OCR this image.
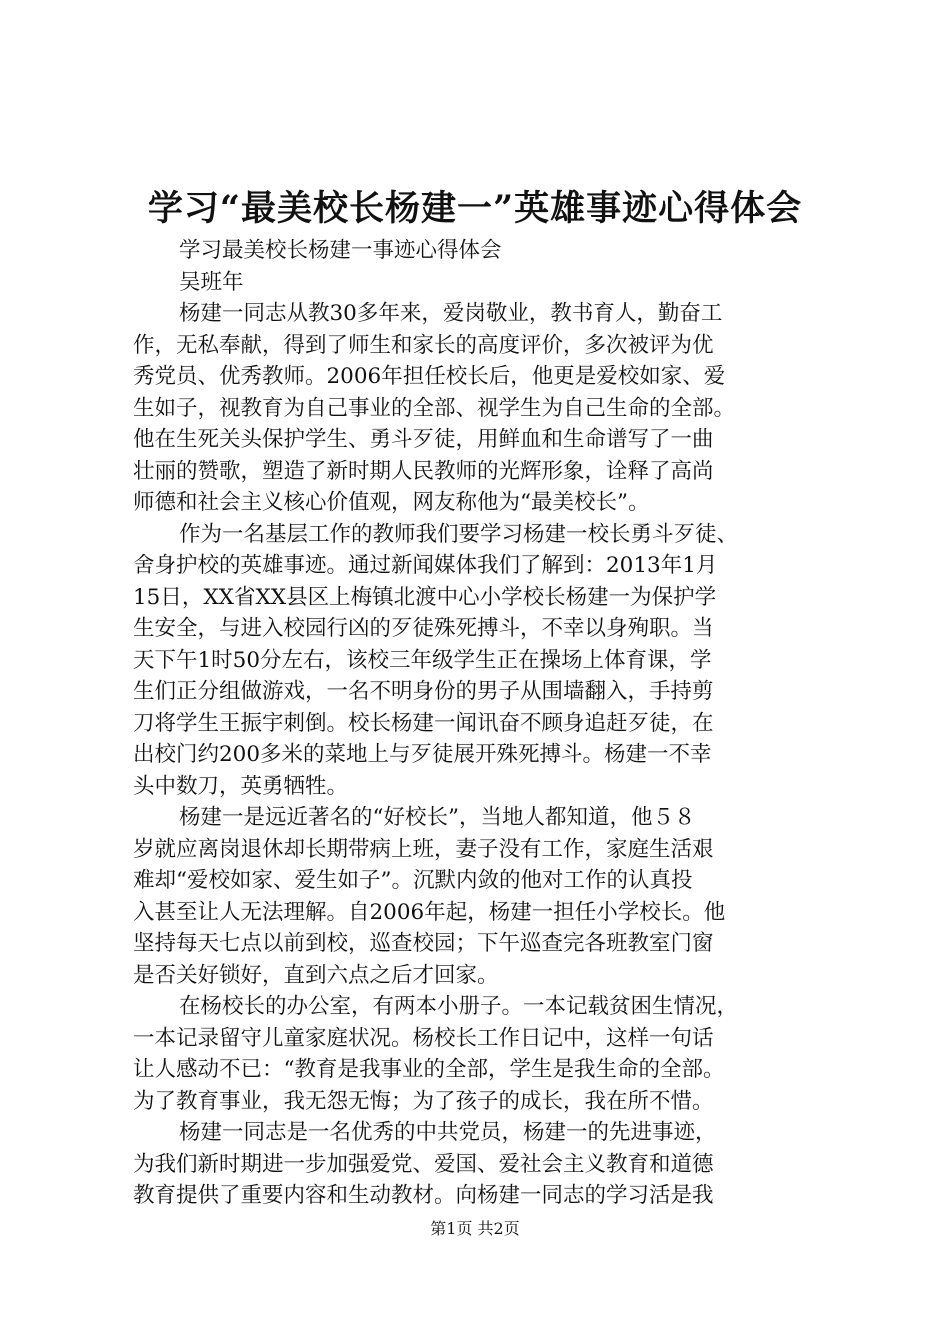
学习“最美校长杨建一”英雄事迹心得体会
学习最美校长杨建一事迹心得体会
吴班年
杨建一同志从教30多年来，爱岗敬业，教书育人，勤奋工
作，无私奉献，得到了师生和家长的高度评价，多次被评为优
秀党员、优秀教师。2006年担任校长后，他更是爱校如家、爱
生如子，视教育为自己事业的全部、视学生为自己生命的全部。
他在生死关头保护学生、勇斗歹徒，用鲜血和生命谱写了一曲
壮丽的赞歌，塑造了新时期人民教师的光辉形象，诠释了高尚
师德和社会主义核心价值观，网友称他为“最美校长”。
作为一名基层工作的教师我们要学习杨建一校长勇斗歹徒、
舍身护校的英雄事迹。通过新闻媒体我们了解到：2013年1月
15日，XX省XX县区上梅镇北渡中心小学校长杨建一为保护学
生安全，与进入校园行凶的歹徒殊死搏斗，不幸以身殉职。当
天下午1时50分左右，该校三年级学生正在操场上体育课，学
生们正分组做游戏，一名不明身份的男子从围墙翻入，手持剪
刀将学生王振宇刺倒。校长杨建一闻讯奋不顾身追赶歹徒，在
出校门约200多米的菜地上与歹徒展开殊死搏斗。杨建一不幸
头中数刀，英勇牺牲。
杨建一是远近著名的“好校长”，当地人都知道，他５８
岁就应离岗退休却长期带病上班，妻子没有工作，家庭生活艰
难却“爱校如家、爱生如子”。沉默内敛的他对工作的认真投
入甚至让人无法理解。自2006年起，杨建一担任小学校长。他
坚持每天七点以前到校，巡查校园；下午巡查完各班教室门窗
是否关好锁好，直到六点之后才回家。
在杨校长的办公室，有两本小册子。一本记载贫困生情况，
一本记录留守儿童家庭状况。杨校长工作日记中，这样一句话
让人感动不已：“教育是我事业的全部，学生是我生命的全部。
为了教育事业，我无怨无悔；为了孩子的成长，我在所不惜。
杨建一同志是一名优秀的中共党员，杨建一的先进事迹，
为我们新时期进一步加强爱党、爱国、爱社会主义教育和道德
教育提供了重要内容和生动教材。向杨建一同志的学习活是我
第1页 共2页
